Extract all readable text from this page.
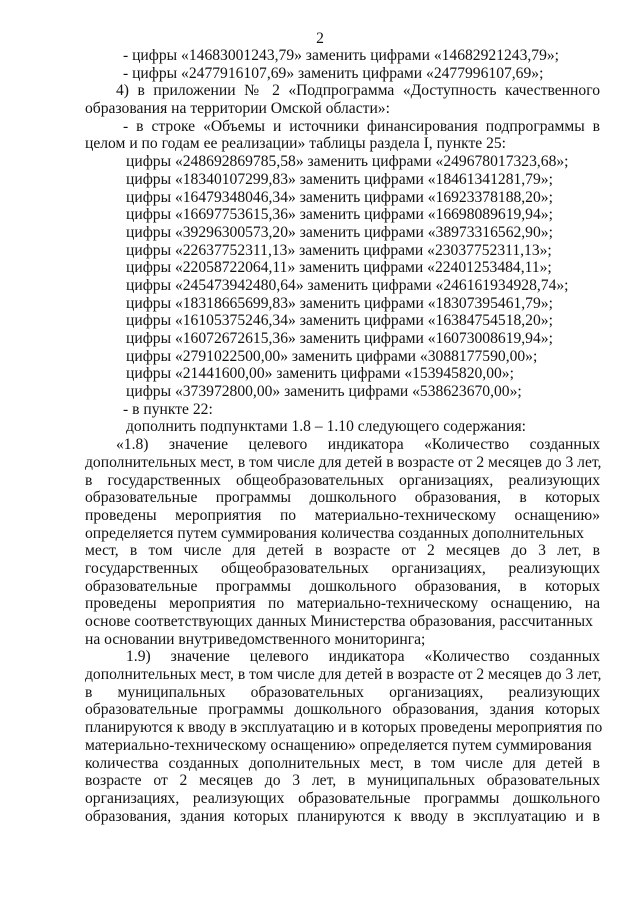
2
- цифры «14683001243,79» заменить цифрами «14682921243,79»;
- цифры «2477916107,69» заменить цифрами «2477996107,69»;
4) в приложении № 2 «Подпрограмма «Доступность качественного
образования на территории Омской области»:
- в строке «Объемы и источники финансирования подпрограммы в
целом и по годам ее реализации» таблицы раздела I, пункте 25:
цифры «248692869785,58» заменить цифрами «249678017323,68»;
цифры «18340107299,83» заменить цифрами «18461341281,79»;
цифры «16479348046,34» заменить цифрами «16923378188,20»;
цифры «16697753615,36» заменить цифрами «16698089619,94»;
цифры «39296300573,20» заменить цифрами «38973316562,90»;
цифры «22637752311,13» заменить цифрами «23037752311,13»;
цифры «22058722064,11» заменить цифрами «22401253484,11»;
цифры «245473942480,64» заменить цифрами «246161934928,74»;
цифры «18318665699,83» заменить цифрами «18307395461,79»;
цифры «16105375246,34» заменить цифрами «16384754518,20»;
цифры «16072672615,36» заменить цифрами «16073008619,94»;
цифры «2791022500,00» заменить цифрами «3088177590,00»;
цифры «21441600,00» заменить цифрами «153945820,00»;
цифры «373972800,00» заменить цифрами «538623670,00»;
- в пункте 22:
дополнить подпунктами 1.8 – 1.10 следующего содержания:
«1.8) значение целевого индикатора «Количество созданных
дополнительных мест, в том числе для детей в возрасте от 2 месяцев до 3 лет,
в государственных общеобразовательных организациях, реализующих
образовательные программы дошкольного образования, в которых
проведены мероприятия по материально-техническому оснащению»
определяется путем суммирования количества созданных дополнительных
мест, в том числе для детей в возрасте от 2 месяцев до 3 лет, в
государственных общеобразовательных организациях, реализующих
образовательные программы дошкольного образования, в которых
проведены мероприятия по материально-техническому оснащению, на
основе соответствующих данных Министерства образования, рассчитанных
на основании внутриведомственного мониторинга;
1.9) значение целевого индикатора «Количество созданных
дополнительных мест, в том числе для детей в возрасте от 2 месяцев до 3 лет,
в муниципальных образовательных организациях, реализующих
образовательные программы дошкольного образования, здания которых
планируются к вводу в эксплуатацию и в которых проведены мероприятия по
материально-техническому оснащению» определяется путем суммирования
количества созданных дополнительных мест, в том числе для детей в
возрасте от 2 месяцев до 3 лет, в муниципальных образовательных
организациях, реализующих образовательные программы дошкольного
образования, здания которых планируются к вводу в эксплуатацию и в
